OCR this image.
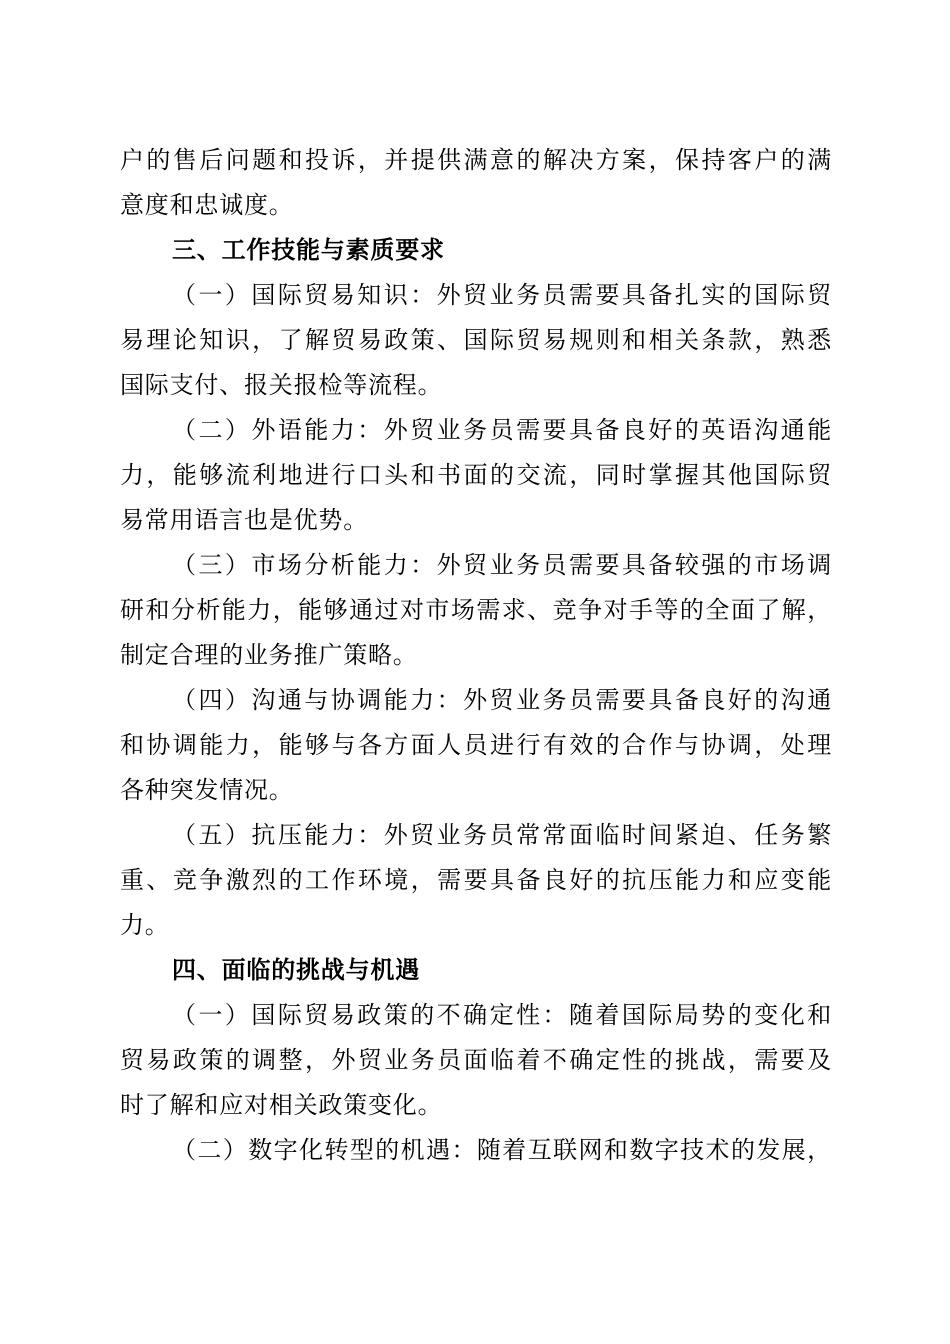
户的售后问题和投诉，并提供满意的解决方案，保持客户的满
意度和忠诚度。
三、工作技能与素质要求
（一）国际贸易知识：外贸业务员需要具备扎实的国际贸
易理论知识，了解贸易政策、国际贸易规则和相关条款，熟悉
国际支付、报关报检等流程。
（二）外语能力：外贸业务员需要具备良好的英语沟通能
力，能够流利地进行口头和书面的交流，同时掌握其他国际贸
易常用语言也是优势。
（三）市场分析能力：外贸业务员需要具备较强的市场调
研和分析能力，能够通过对市场需求、竞争对手等的全面了解，
制定合理的业务推广策略。
（四）沟通与协调能力：外贸业务员需要具备良好的沟通
和协调能力，能够与各方面人员进行有效的合作与协调，处理
各种突发情况。
（五）抗压能力：外贸业务员常常面临时间紧迫、任务繁
重、竞争激烈的工作环境，需要具备良好的抗压能力和应变能
力。
四、面临的挑战与机遇
（一）国际贸易政策的不确定性：随着国际局势的变化和
贸易政策的调整，外贸业务员面临着不确定性的挑战，需要及
时了解和应对相关政策变化。
（二）数字化转型的机遇：随着互联网和数字技术的发展，
